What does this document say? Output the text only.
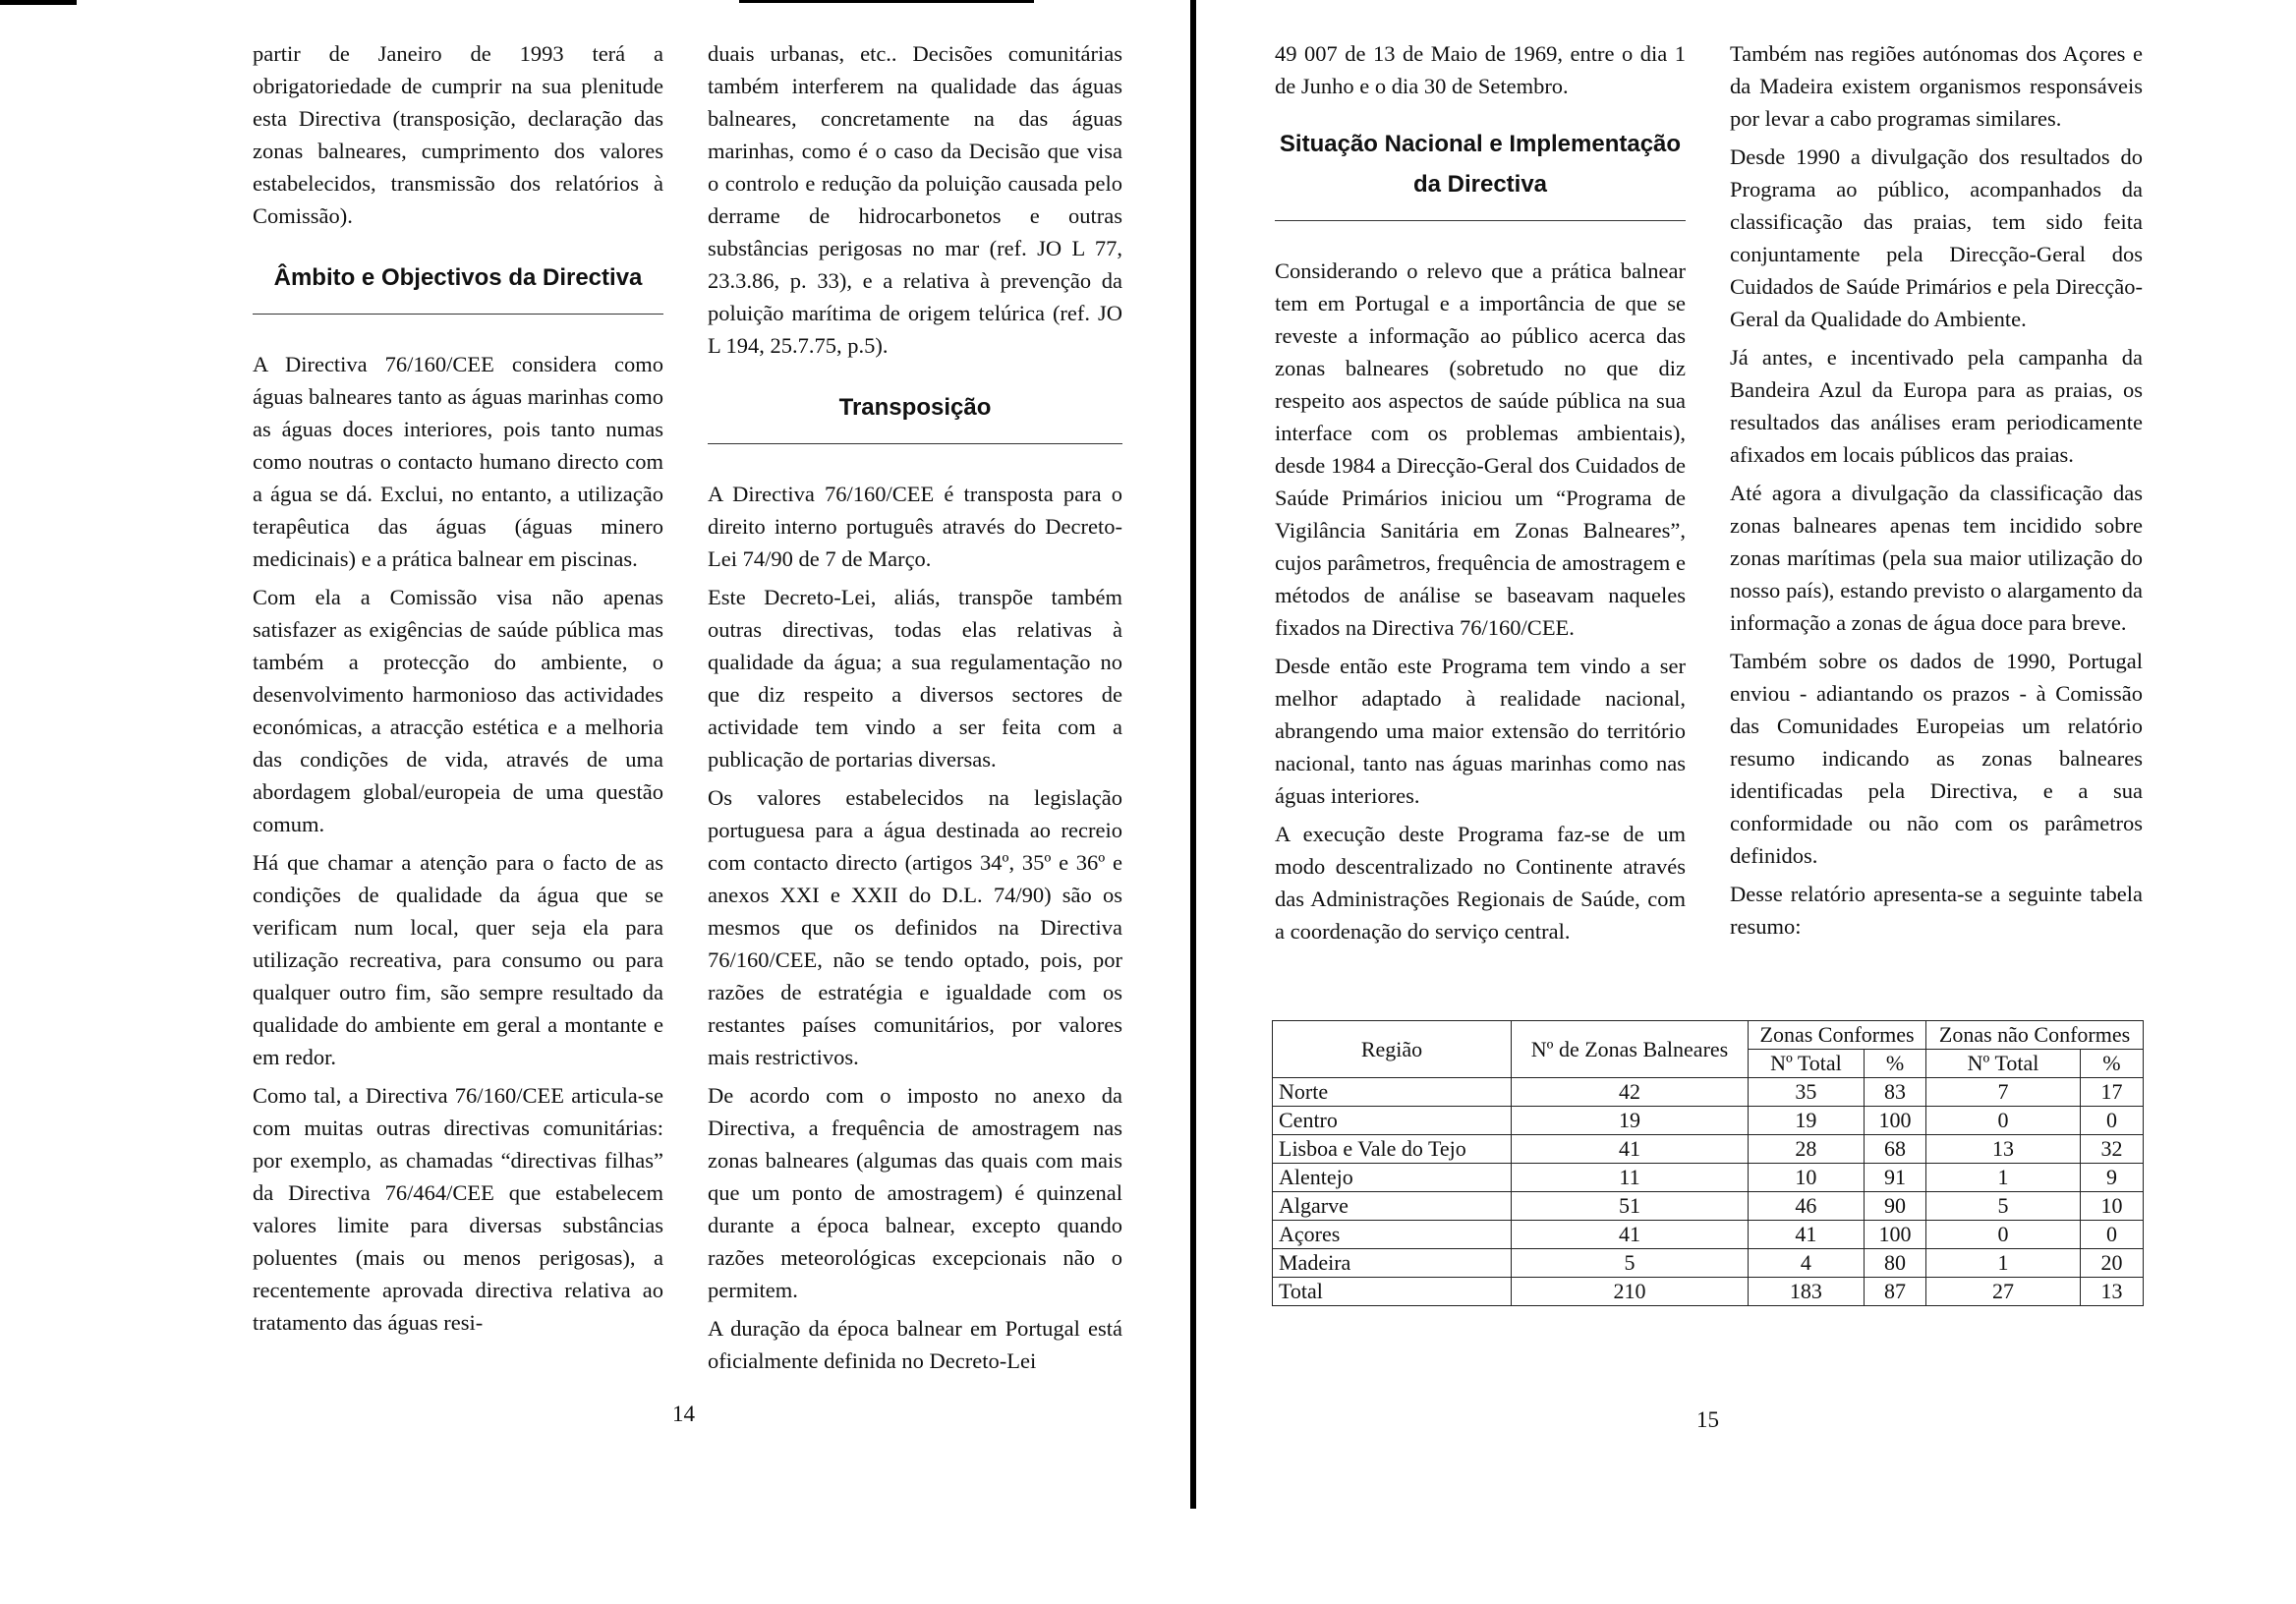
partir de Janeiro de 1993 terá a obrigatoriedade de cumprir na sua plenitude esta Directiva (transposição, declaração das zonas balneares, cumprimento dos valores estabelecidos, transmissão dos relatórios à Comissão).

Âmbito e Objectivos da Directiva

A Directiva 76/160/CEE considera como águas balneares tanto as águas marinhas como as águas doces interiores, pois tanto numas como noutras o contacto humano directo com a água se dá. Exclui, no entanto, a utilização terapêutica das águas (águas minero medicinais) e a prática balnear em piscinas.

Com ela a Comissão visa não apenas satisfazer as exigências de saúde pública mas também a protecção do ambiente, o desenvolvimento harmonioso das actividades económicas, a atracção estética e a melhoria das condições de vida, através de uma abordagem global/europeia de uma questão comum.

Há que chamar a atenção para o facto de as condições de qualidade da água que se verificam num local, quer seja ela para utilização recreativa, para consumo ou para qualquer outro fim, são sempre resultado da qualidade do ambiente em geral a montante e em redor.

Como tal, a Directiva 76/160/CEE articula-se com muitas outras directivas comunitárias: por exemplo, as chamadas “directivas filhas” da Directiva 76/464/CEE que estabelecem valores limite para diversas substâncias poluentes (mais ou menos perigosas), a recentemente aprovada directiva relativa ao tratamento das águas resi-

duais urbanas, etc.. Decisões comunitárias também interferem na qualidade das águas balneares, concretamente na das águas marinhas, como é o caso da Decisão que visa o controlo e redução da poluição causada pelo derrame de hidrocarbonetos e outras substâncias perigosas no mar (ref. JO L 77, 23.3.86, p. 33), e a relativa à prevenção da poluição marítima de origem telúrica (ref. JO L 194, 25.7.75, p.5).

Transposição

A Directiva 76/160/CEE é transposta para o direito interno português através do Decreto-Lei 74/90 de 7 de Março.

Este Decreto-Lei, aliás, transpõe também outras directivas, todas elas relativas à qualidade da água; a sua regulamentação no que diz respeito a diversos sectores de actividade tem vindo a ser feita com a publicação de portarias diversas.

Os valores estabelecidos na legislação portuguesa para a água destinada ao recreio com contacto directo (artigos 34º, 35º e 36º e anexos XXI e XXII do D.L. 74/90) são os mesmos que os definidos na Directiva 76/160/CEE, não se tendo optado, pois, por razões de estratégia e igualdade com os restantes países comunitários, por valores mais restrictivos.

De acordo com o imposto no anexo da Directiva, a frequência de amostragem nas zonas balneares (algumas das quais com mais que um ponto de amostragem) é quinzenal durante a época balnear, excepto quando razões meteorológicas excepcionais não o permitem.

A duração da época balnear em Portugal está oficialmente definida no Decreto-Lei

14

49 007 de 13 de Maio de 1969, entre o dia 1 de Junho e o dia 30 de Setembro.

Situação Nacional e Implementação da Directiva

Considerando o relevo que a prática balnear tem em Portugal e a importância de que se reveste a informação ao público acerca das zonas balneares (sobretudo no que diz respeito aos aspectos de saúde pública na sua interface com os problemas ambientais), desde 1984 a Direcção-Geral dos Cuidados de Saúde Primários iniciou um “Programa de Vigilância Sanitária em Zonas Balneares”, cujos parâmetros, frequência de amostragem e métodos de análise se baseavam naqueles fixados na Directiva 76/160/CEE.

Desde então este Programa tem vindo a ser melhor adaptado à realidade nacional, abrangendo uma maior extensão do território nacional, tanto nas águas marinhas como nas águas interiores.

A execução deste Programa faz-se de um modo descentralizado no Continente através das Administrações Regionais de Saúde, com a coordenação do serviço central.

Também nas regiões autónomas dos Açores e da Madeira existem organismos responsáveis por levar a cabo programas similares.

Desde 1990 a divulgação dos resultados do Programa ao público, acompanhados da classificação das praias, tem sido feita conjuntamente pela Direcção-Geral dos Cuidados de Saúde Primários e pela Direcção-Geral da Qualidade do Ambiente.

Já antes, e incentivado pela campanha da Bandeira Azul da Europa para as praias, os resultados das análises eram periodicamente afixados em locais públicos das praias.

Até agora a divulgação da classificação das zonas balneares apenas tem incidido sobre zonas marítimas (pela sua maior utilização do nosso país), estando previsto o alargamento da informação a zonas de água doce para breve.

Também sobre os dados de 1990, Portugal enviou - adiantando os prazos - à Comissão das Comunidades Europeias um relatório resumo indicando as zonas balneares identificadas pela Directiva, e a sua conformidade ou não com os parâmetros definidos.

Desse relatório apresenta-se a seguinte tabela resumo:

Região	Nº de Zonas Balneares	Zonas Conformes		Zonas não Conformes	
		Nº Total	%	Nº Total	%
Norte	42	35	83	7	17
Centro	19	19	100	0	0
Lisboa e Vale do Tejo	41	28	68	13	32
Alentejo	11	10	91	1	9
Algarve	51	46	90	5	10
Açores	41	41	100	0	0
Madeira	5	4	80	1	20
Total	210	183	87	27	13
15
